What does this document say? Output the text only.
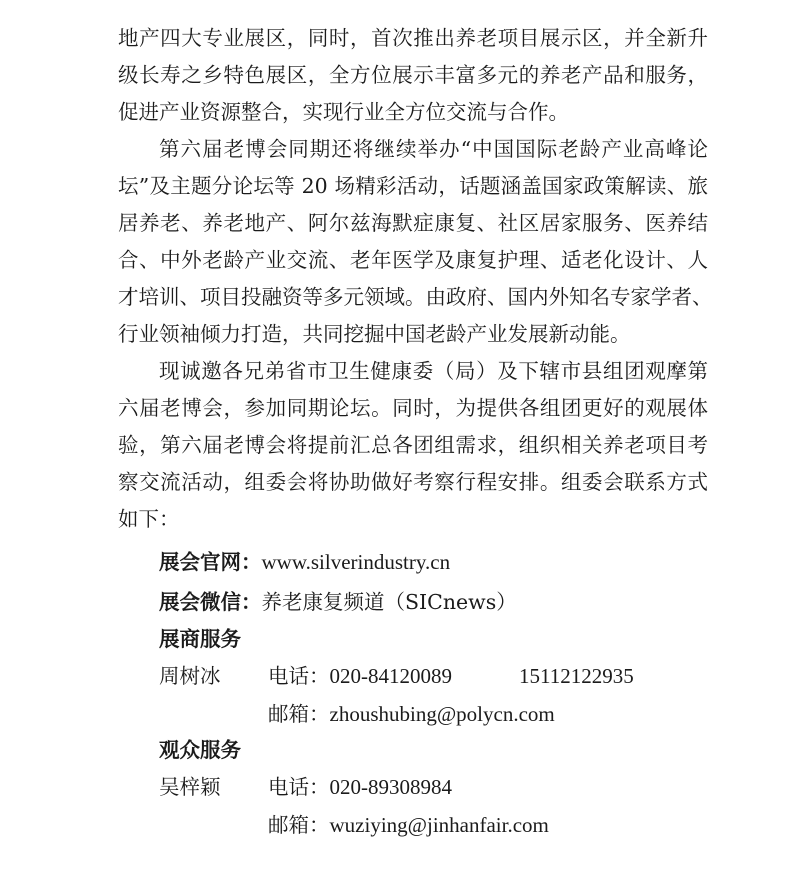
地产四大专业展区，同时，首次推出养老项目展示区，并全新升
级长寿之乡特色展区，全方位展示丰富多元的养老产品和服务，
促进产业资源整合，实现行业全方位交流与合作。
第六届老博会同期还将继续举办“中国国际老龄产业高峰论
坛”及主题分论坛等 20 场精彩活动，话题涵盖国家政策解读、旅
居养老、养老地产、阿尔兹海默症康复、社区居家服务、医养结
合、中外老龄产业交流、老年医学及康复护理、适老化设计、人
才培训、项目投融资等多元领域。由政府、国内外知名专家学者、
行业领袖倾力打造，共同挖掘中国老龄产业发展新动能。
现诚邀各兄弟省市卫生健康委（局）及下辖市县组团观摩第
六届老博会，参加同期论坛。同时，为提供各组团更好的观展体
验，第六届老博会将提前汇总各团组需求，组织相关养老项目考
察交流活动，组委会将协助做好考察行程安排。组委会联系方式
如下：
展会官网：www.silverindustry.cn
展会微信：养老康复频道（SICnews）
展商服务
周树冰 电话：020-84120089	15112122935
邮箱：zhoushubing@polycn.com
观众服务
吴梓颖 电话：020-89308984
邮箱：wuziying@jinhanfair.com
